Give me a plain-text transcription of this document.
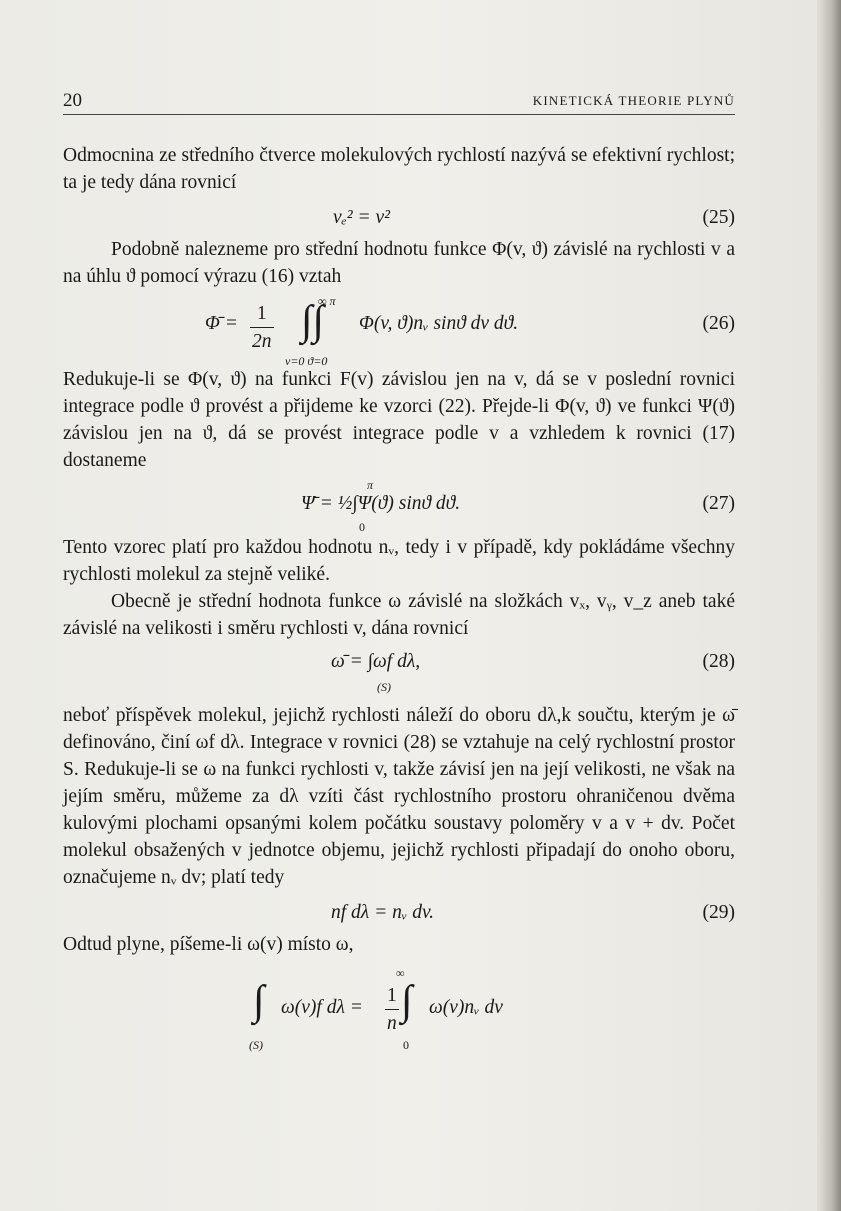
20	KINETICKÁ THEORIE PLYNŮ

Odmocnina ze středního čtverce molekulových rychlostí nazývá se efektivní rychlost; ta je tedy dána rovnicí

vₑ² = v²	(25)

Podobně nalezneme pro střední hodnotu funkce Φ(v, ϑ) závislé na rychlosti v a na úhlu ϑ pomocí výrazu (16) vztah

∞ π
Φ̄ = $\frac{1}{2n}$ ∫∫ Φ(v, ϑ)nᵥ sinϑ dv dϑ.
v=0 ϑ=0
(26)

Redukuje-li se Φ(v, ϑ) na funkci F(v) závislou jen na v, dá se v poslední rovnici integrace podle ϑ provést a přijdeme ke vzorci (22). Přejde-li Φ(v, ϑ) ve funkci Ψ(ϑ) závislou jen na ϑ, dá se provést integrace podle v a vzhledem k rovnici (17) dostaneme

π
Ψ̄ = ½∫Ψ(ϑ) sinϑ dϑ.
0
(27)

Tento vzorec platí pro každou hodnotu nᵥ, tedy i v případě, kdy pokládáme všechny rychlosti molekul za stejně veliké.

Obecně je střední hodnota funkce ω závislé na složkách vₓ, vᵧ, v_z aneb také závislé na velikosti i směru rychlosti v, dána rovnicí

ω̄ = ∫ωf dλ,
(S)
(28)

neboť příspěvek molekul, jejichž rychlosti náleží do oboru dλ,k součtu, kterým je ω̄ definováno, činí ωf dλ. Integrace v rovnici (28) se vztahuje na celý rychlostní prostor S. Redukuje-li se ω na funkci rychlosti v, takže závisí jen na její velikosti, ne však na jejím směru, můžeme za dλ vzíti část rychlostního prostoru ohraničenou dvěma kulovými plochami opsanými kolem počátku soustavy poloměry v a v + dv. Počet molekul obsažených v jednotce objemu, jejichž rychlosti připadají do onoho oboru, označujeme nᵥ dv; platí tedy

nf dλ = nᵥ dv.	(29)

Odtud plyne, píšeme-li ω(v) místo ω,

∫ ω(v)f dλ =
(S)
$\frac{1}{n}$
∞
∫ ω(v)nᵥ dv
0
